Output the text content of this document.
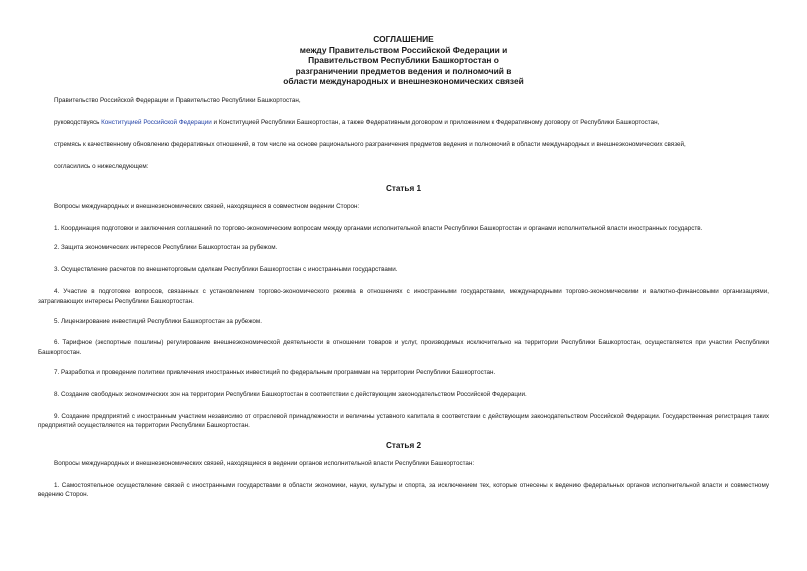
СОГЛАШЕНИЕ
между Правительством Российской Федерации и
Правительством Республики Башкортостан о
разграничении предметов ведения и полномочий в
области международных и внешнеэкономических связей

Правительство Российской Федерации и Правительство Республики Башкортостан,

руководствуясь Конституцией Российской Федерации и Конституцией Республики Башкортостан, а также Федеративным договором и приложением к Федеративному договору от Республики Башкортостан,

стремясь к качественному обновлению федеративных отношений, в том числе на основе рационального разграничения предметов ведения и полномочий в области международных и внешнеэкономических связей,

согласились о нижеследующем:

Статья 1

Вопросы международных и внешнеэкономических связей, находящиеся в совместном ведении Сторон:

1. Координация подготовки и заключения соглашений по торгово-экономическим вопросам между органами исполнительной власти Республики Башкортостан и органами исполнительной власти иностранных государств.

2. Защита экономических интересов Республики Башкортостан за рубежом.

3. Осуществление расчетов по внешнеторговым сделкам Республики Башкортостан с иностранными государствами.

4. Участие в подготовке вопросов, связанных с установлением торгово-экономического режима в отношениях с иностранными государствами, международными торгово-экономическими и валютно-финансовыми организациями, затрагивающих интересы Республики Башкортостан.

5. Лицензирование инвестиций Республики Башкортостан за рубежом.

6. Тарифное (экспортные пошлины) регулирование внешнеэкономической деятельности в отношении товаров и услуг, производимых исключительно на территории Республики Башкортостан, осуществляется при участии Республики Башкортостан.

7. Разработка и проведение политики привлечения иностранных инвестиций по федеральным программам на территории Республики Башкортостан.

8. Создание свободных экономических зон на территории Республики Башкортостан в соответствии с действующим законодательством Российской Федерации.

9. Создание предприятий с иностранным участием независимо от отраслевой принадлежности и величины уставного капитала в соответствии с действующим законодательством Российской Федерации. Государственная регистрация таких предприятий осуществляется на территории Республики Башкортостан.

Статья 2

Вопросы международных и внешнеэкономических связей, находящиеся в ведении органов исполнительной власти Республики Башкортостан:

1. Самостоятельное осуществление связей с иностранными государствами в области экономики, науки, культуры и спорта, за исключением тех, которые отнесены к ведению федеральных органов исполнительной власти и совместному ведению Сторон.
